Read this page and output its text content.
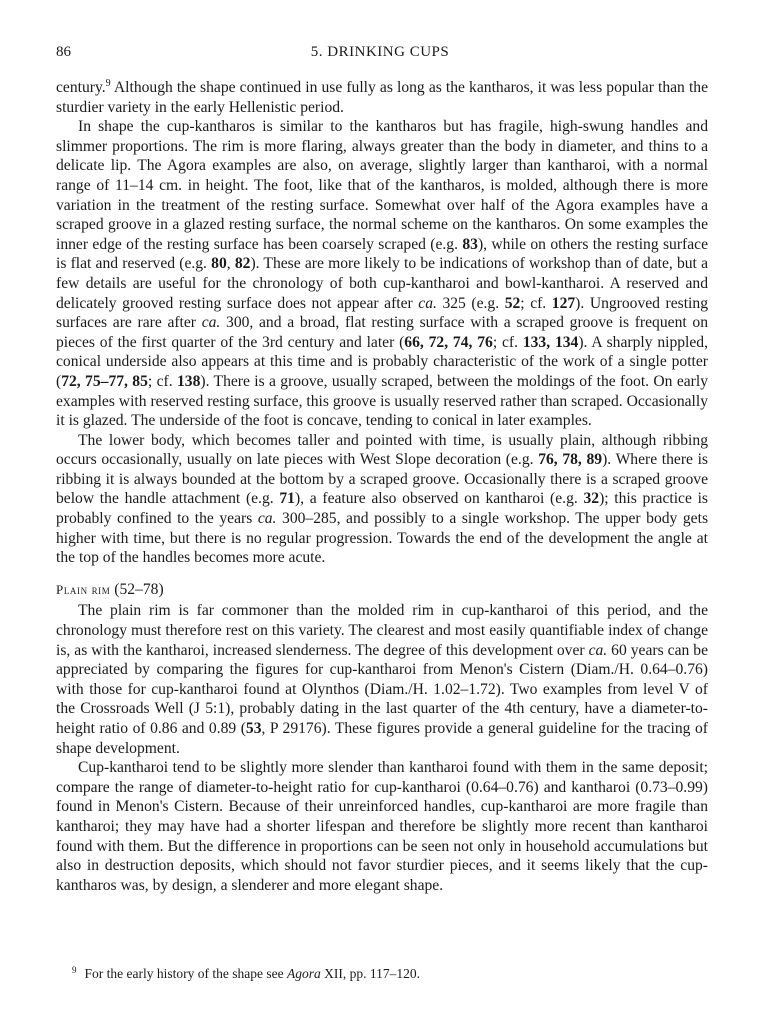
86	5. DRINKING CUPS

century.$^9$ Although the shape continued in use fully as long as the kantharos, it was less popular than the sturdier variety in the early Hellenistic period.

In shape the cup-kantharos is similar to the kantharos but has fragile, high-swung handles and slimmer proportions. The rim is more flaring, always greater than the body in diameter, and thins to a delicate lip. The Agora examples are also, on average, slightly larger than kantharoi, with a normal range of 11–14 cm. in height. The foot, like that of the kantharos, is molded, although there is more variation in the treatment of the resting surface. Somewhat over half of the Agora examples have a scraped groove in a glazed resting surface, the normal scheme on the kantharos. On some examples the inner edge of the resting surface has been coarsely scraped (e.g. 83), while on others the resting surface is flat and reserved (e.g. 80, 82). These are more likely to be indications of workshop than of date, but a few details are useful for the chronology of both cup-kantharoi and bowl-kantharoi. A reserved and delicately grooved resting surface does not appear after ca. 325 (e.g. 52; cf. 127). Ungrooved resting surfaces are rare after ca. 300, and a broad, flat resting surface with a scraped groove is frequent on pieces of the first quarter of the 3rd century and later (66, 72, 74, 76; cf. 133, 134). A sharply nippled, conical underside also appears at this time and is probably characteristic of the work of a single potter (72, 75–77, 85; cf. 138). There is a groove, usually scraped, between the moldings of the foot. On early examples with reserved resting surface, this groove is usually reserved rather than scraped. Occasionally it is glazed. The underside of the foot is concave, tending to conical in later examples.

The lower body, which becomes taller and pointed with time, is usually plain, although ribbing occurs occasionally, usually on late pieces with West Slope decoration (e.g. 76, 78, 89). Where there is ribbing it is always bounded at the bottom by a scraped groove. Occasionally there is a scraped groove below the handle attachment (e.g. 71), a feature also observed on kantharoi (e.g. 32); this practice is probably confined to the years ca. 300–285, and possibly to a single workshop. The upper body gets higher with time, but there is no regular progression. Towards the end of the development the angle at the top of the handles becomes more acute.

Plain rim (52–78)

The plain rim is far commoner than the molded rim in cup-kantharoi of this period, and the chronology must therefore rest on this variety. The clearest and most easily quantifiable index of change is, as with the kantharoi, increased slenderness. The degree of this development over ca. 60 years can be appreciated by comparing the figures for cup-kantharoi from Menon's Cistern (Diam./H. 0.64–0.76) with those for cup-kantharoi found at Olynthos (Diam./H. 1.02–1.72). Two examples from level V of the Crossroads Well (J 5:1), probably dating in the last quarter of the 4th century, have a diameter-to-height ratio of 0.86 and 0.89 (53, P 29176). These figures provide a general guideline for the tracing of shape development.

Cup-kantharoi tend to be slightly more slender than kantharoi found with them in the same deposit; compare the range of diameter-to-height ratio for cup-kantharoi (0.64–0.76) and kantharoi (0.73–0.99) found in Menon's Cistern. Because of their unreinforced handles, cup-kantharoi are more fragile than kantharoi; they may have had a shorter lifespan and therefore be slightly more recent than kantharoi found with them. But the difference in proportions can be seen not only in household accumulations but also in destruction deposits, which should not favor sturdier pieces, and it seems likely that the cup-kantharos was, by design, a slenderer and more elegant shape.

$^9$ For the early history of the shape see Agora XII, pp. 117–120.
